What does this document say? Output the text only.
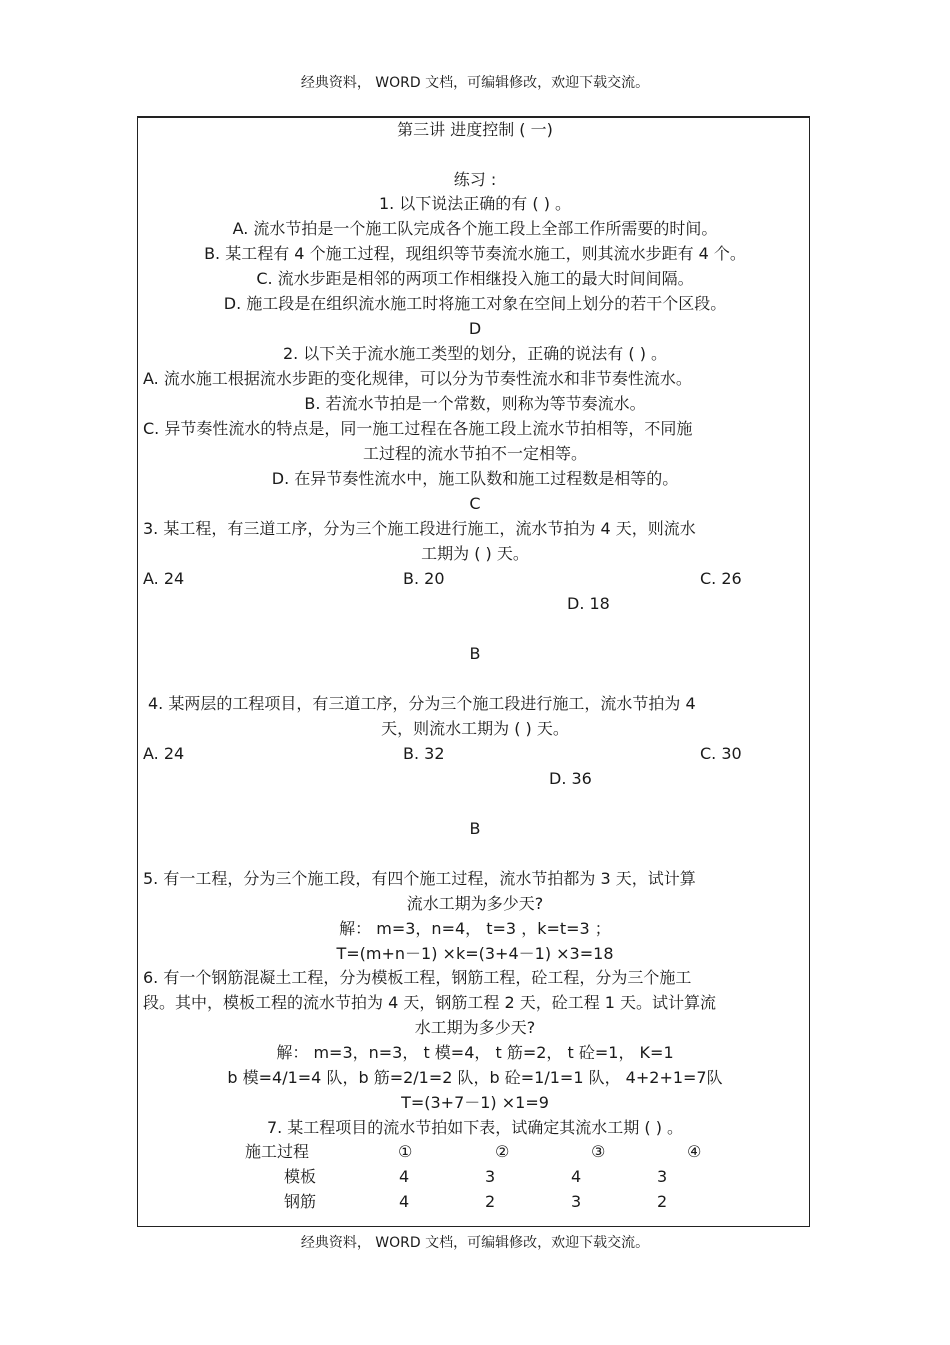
经典资料， WORD 文档，可编辑修改，欢迎下载交流。
第三讲 进度控制 ( 一)
练习 :
1. 以下说法正确的有 ( ) 。
A. 流水节拍是一个施工队完成各个施工段上全部工作所需要的时间。
B. 某工程有 4 个施工过程，现组织等节奏流水施工，则其流水步距有 4 个。
C. 流水步距是相邻的两项工作相继投入施工的最大时间间隔。
D. 施工段是在组织流水施工时将施工对象在空间上划分的若干个区段。
D
2. 以下关于流水施工类型的划分，正确的说法有 ( ) 。
A. 流水施工根据流水步距的变化规律，可以分为节奏性流水和非节奏性流水。
B. 若流水节拍是一个常数，则称为等节奏流水。
C. 异节奏性流水的特点是，同一施工过程在各施工段上流水节拍相等，不同施
工过程的流水节拍不一定相等。
D. 在异节奏性流水中，施工队数和施工过程数是相等的。
C
3. 某工程，有三道工序，分为三个施工段进行施工，流水节拍为 4 天，则流水
工期为 ( ) 天。
A. 24	B. 20	C. 26
D. 18
B
4. 某两层的工程项目，有三道工序，分为三个施工段进行施工，流水节拍为 4
天，则流水工期为 ( ) 天。
A. 24	B. 32	C. 30
D. 36
B
5. 有一工程，分为三个施工段，有四个施工过程，流水节拍都为 3 天，试计算
流水工期为多少天?
解： m=3，n=4， t=3 ，k=t=3 ；
T=(m+n－1) ×k=(3+4－1) ×3=18
6. 有一个钢筋混凝土工程，分为模板工程，钢筋工程，砼工程，分为三个施工
段。其中，模板工程的流水节拍为 4 天，钢筋工程 2 天，砼工程 1 天。试计算流
水工期为多少天?
解： m=3，n=3， t 模=4， t 筋=2， t 砼=1， K=1
b 模=4/1=4 队，b 筋=2/1=2 队，b 砼=1/1=1 队， 4+2+1=7队
T=(3+7－1) ×1=9
7. 某工程项目的流水节拍如下表，试确定其流水工期 ( ) 。
施工过程	①	②	③	④
模板	4	3	4	3
钢筋	4	2	3	2
经典资料， WORD 文档，可编辑修改，欢迎下载交流。
